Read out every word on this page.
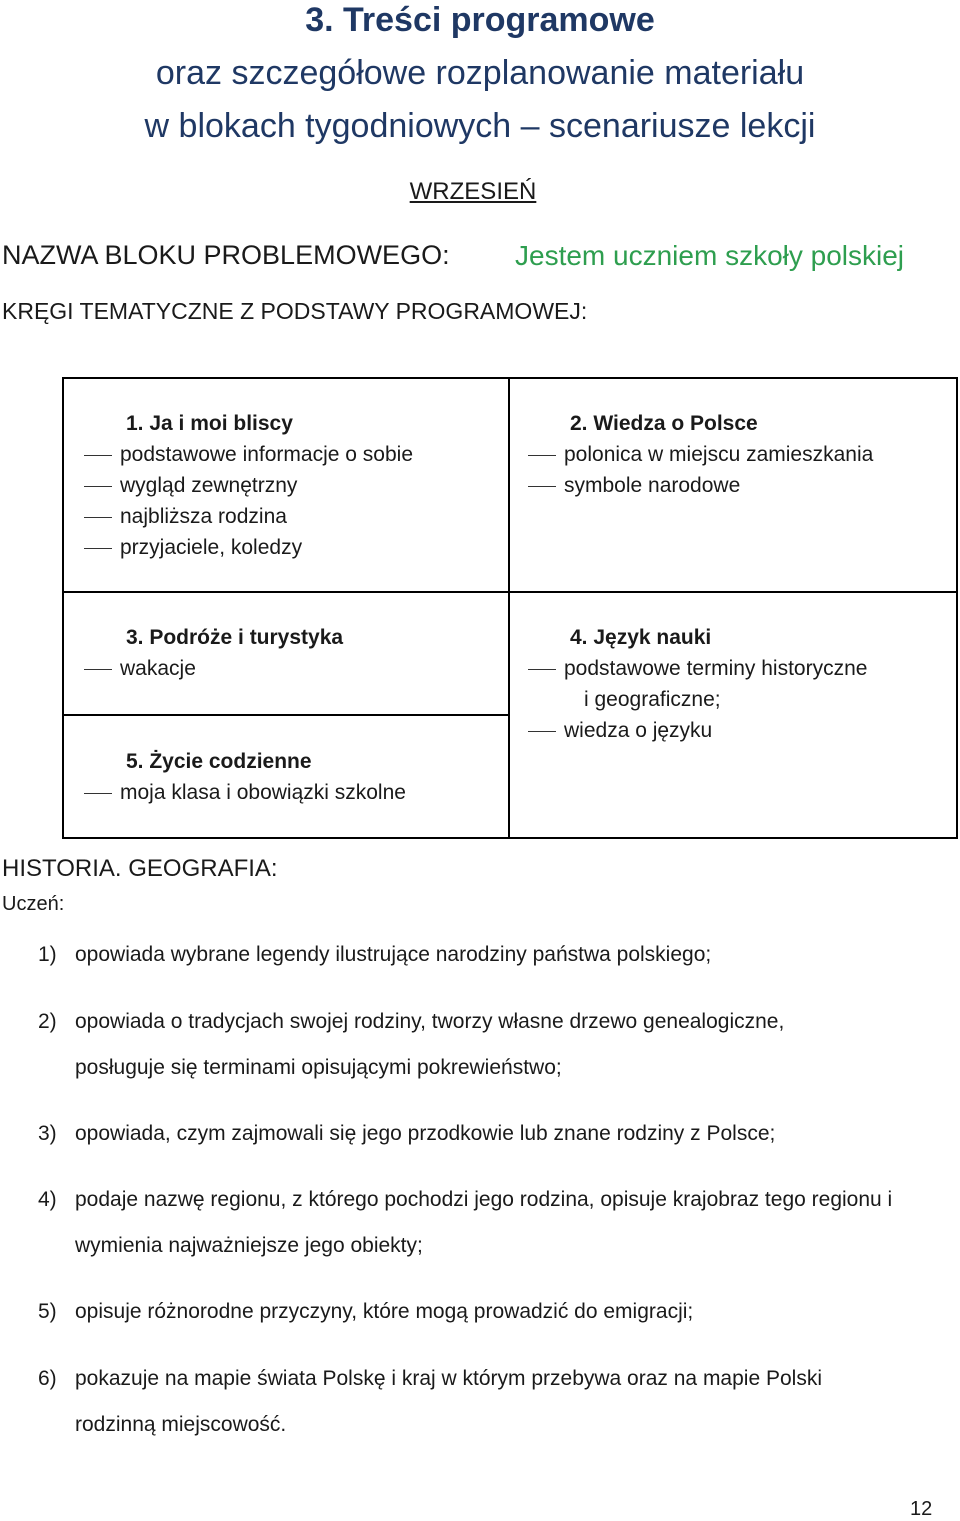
3. Treści programowe
oraz szczegółowe rozplanowanie materiału
w blokach tygodniowych – scenariusze lekcji
WRZESIEŃ
NAZWA BLOKU PROBLEMOWEGO: Jestem uczniem szkoły polskiej
KRĘGI TEMATYCZNE Z PODSTAWY PROGRAMOWEJ:
1. Ja i moi bliscy
podstawowe informacje o sobie
wygląd zewnętrzny
najbliższa rodzina
przyjaciele, koledzy
2. Wiedza o Polsce
polonica w miejscu zamieszkania
symbole narodowe
3. Podróże i turystyka
wakacje
5. Życie codzienne
moja klasa i obowiązki szkolne
4. Język nauki
podstawowe terminy historyczne
i geograficzne;
wiedza o języku
HISTORIA. GEOGRAFIA:
Uczeń:
1) opowiada wybrane legendy ilustrujące narodziny państwa polskiego;
2) opowiada o tradycjach swojej rodziny, tworzy własne drzewo genealogiczne, posługuje się terminami opisującymi pokrewieństwo;
3) opowiada, czym zajmowali się jego przodkowie lub znane rodziny z Polsce;
4) podaje nazwę regionu, z którego pochodzi jego rodzina, opisuje krajobraz tego regionu i wymienia najważniejsze jego obiekty;
5) opisuje różnorodne przyczyny, które mogą prowadzić do emigracji;
6) pokazuje na mapie świata Polskę i kraj w którym przebywa oraz na mapie Polski rodzinną miejscowość.
12
